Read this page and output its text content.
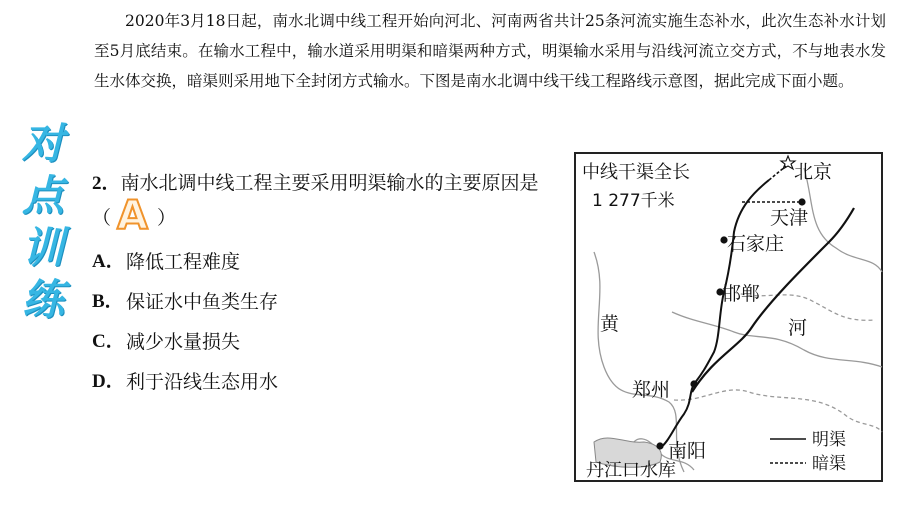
2020年3月18日起，南水北调中线工程开始向河北、河南两省共计25条河流实施生态补水，此次生态补水计划至5月底结束。在输水工程中，输水道采用明渠和暗渠两种方式，明渠输水采用与沿线河流立交方式，不与地表水发生水体交换，暗渠则采用地下全封闭方式输水。下图是南水北调中线干线工程路线示意图，据此完成下面小题。

对
点
训
练

2．南水北调中线工程主要采用明渠输水的主要原因是（ A ）

A． 降低工程难度
B． 保证水中鱼类生存
C． 减少水量损失
D． 利于沿线生态用水
中线干渠全长
1 277千米
北京
天津
石家庄
邯郸
郑州
南阳
丹江口水库
黄	河
明渠
暗渠
